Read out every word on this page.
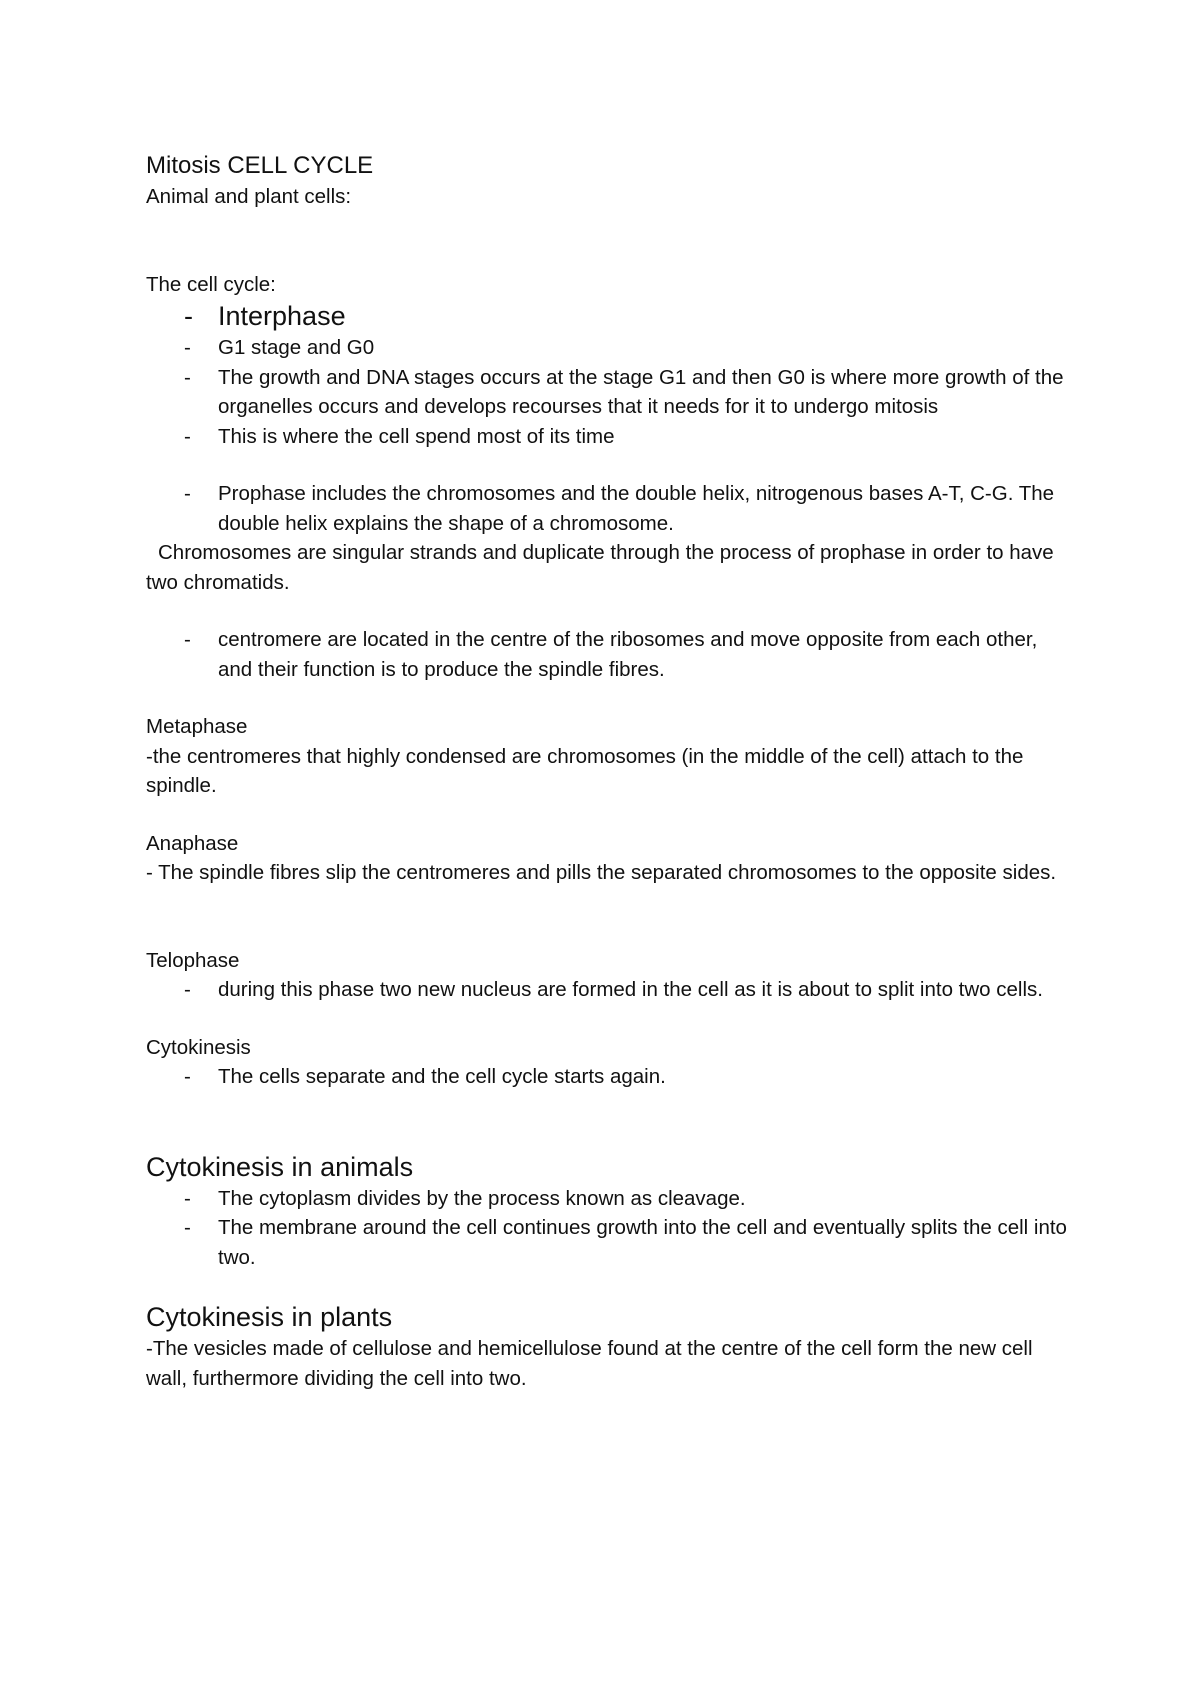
Mitosis CELL CYCLE

Animal and plant cells:

The cell cycle:

- Interphase
- G1 stage and G0
- The growth and DNA stages occurs at the stage G1 and then G0 is where more growth of the organelles occurs and develops recourses that it needs for it to undergo mitosis
- This is where the cell spend most of its time
- Prophase includes the chromosomes and the double helix, nitrogenous bases A-T, C-G. The double helix explains the shape of a chromosome.

Chromosomes are singular strands and duplicate through the process of prophase in order to have two chromatids.

- centromere are located in the centre of the ribosomes and move opposite from each other, and their function is to produce the spindle fibres.

Metaphase

-the centromeres that highly condensed are chromosomes (in the middle of the cell) attach to the spindle.

Anaphase

- The spindle fibres slip the centromeres and pills the separated chromosomes to the opposite sides.

Telophase

- during this phase two new nucleus are formed in the cell as it is about to split into two cells.

Cytokinesis

- The cells separate and the cell cycle starts again.

Cytokinesis in animals

- The cytoplasm divides by the process known as cleavage.
- The membrane around the cell continues growth into the cell and eventually splits the cell into two.

Cytokinesis in plants

-The vesicles made of cellulose and hemicellulose found at the centre of the cell form the new cell wall, furthermore dividing the cell into two.
